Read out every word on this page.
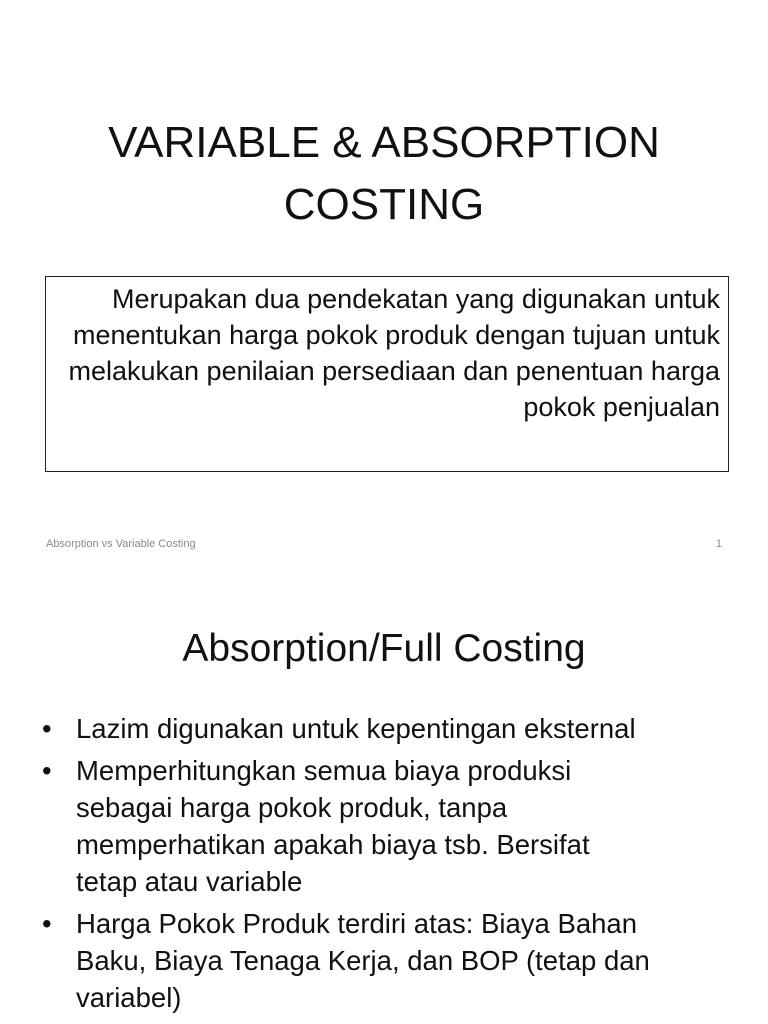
VARIABLE & ABSORPTION
COSTING

Merupakan dua pendekatan yang digunakan untuk menentukan harga pokok produk dengan tujuan untuk melakukan penilaian persediaan dan penentuan harga pokok penjualan

Absorption vs Variable Costing	1
Absorption/Full Costing
• Lazim digunakan untuk kepentingan eksternal
• Memperhitungkan semua biaya produksi
sebagai harga pokok produk, tanpa
memperhatikan apakah biaya tsb. Bersifat
tetap atau variable
• Harga Pokok Produk terdiri atas: Biaya Bahan
Baku, Biaya Tenaga Kerja, dan BOP (tetap dan
variabel)
